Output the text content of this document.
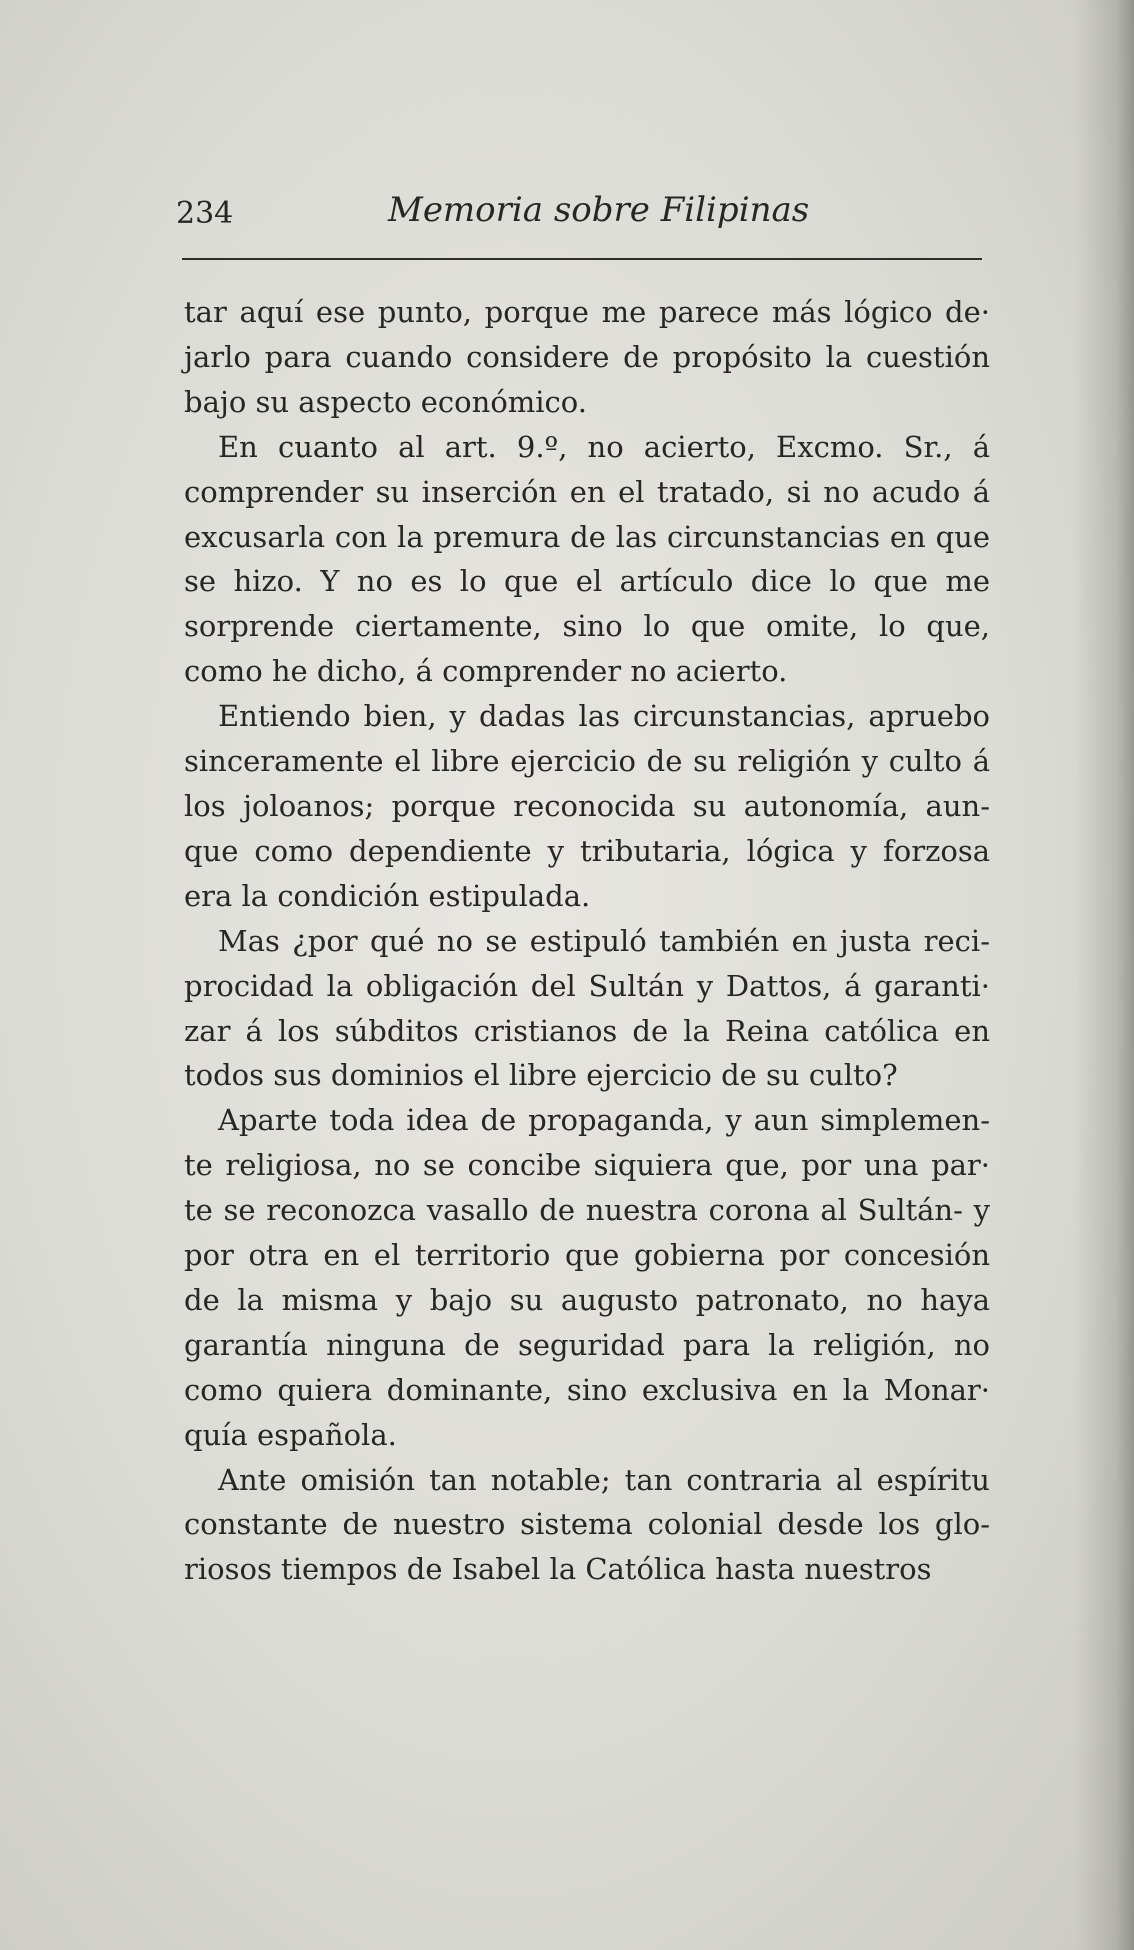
234	Memoria sobre Filipinas

tar aquí ese punto, porque me parece más lógico de· jarlo para cuando considere de propósito la cuestión bajo su aspecto económico.

En cuanto al art. 9.º, no acierto, Excmo. Sr., á comprender su inserción en el tratado, si no acudo á excusarla con la premura de las circunstancias en que se hizo. Y no es lo que el artículo dice lo que me sorprende ciertamente, sino lo que omite, lo que, como he dicho, á comprender no acierto.

Entiendo bien, y dadas las circunstancias, apruebo sinceramente el libre ejercicio de su religión y culto á los joloanos; porque reconocida su autonomía, aun- que como dependiente y tributaria, lógica y forzosa era la condición estipulada.

Mas ¿por qué no se estipuló también en justa reci- procidad la obligación del Sultán y Dattos, á garanti· zar á los súbditos cristianos de la Reina católica en todos sus dominios el libre ejercicio de su culto?

Aparte toda idea de propaganda, y aun simplemen- te religiosa, no se concibe siquiera que, por una par· te se reconozca vasallo de nuestra corona al Sultán- y por otra en el territorio que gobierna por concesión de la misma y bajo su augusto patronato, no haya garantía ninguna de seguridad para la religión, no como quiera dominante, sino exclusiva en la Monar· quía española.

Ante omisión tan notable; tan contraria al espíritu constante de nuestro sistema colonial desde los glo- riosos tiempos de Isabel la Católica hasta nuestros
